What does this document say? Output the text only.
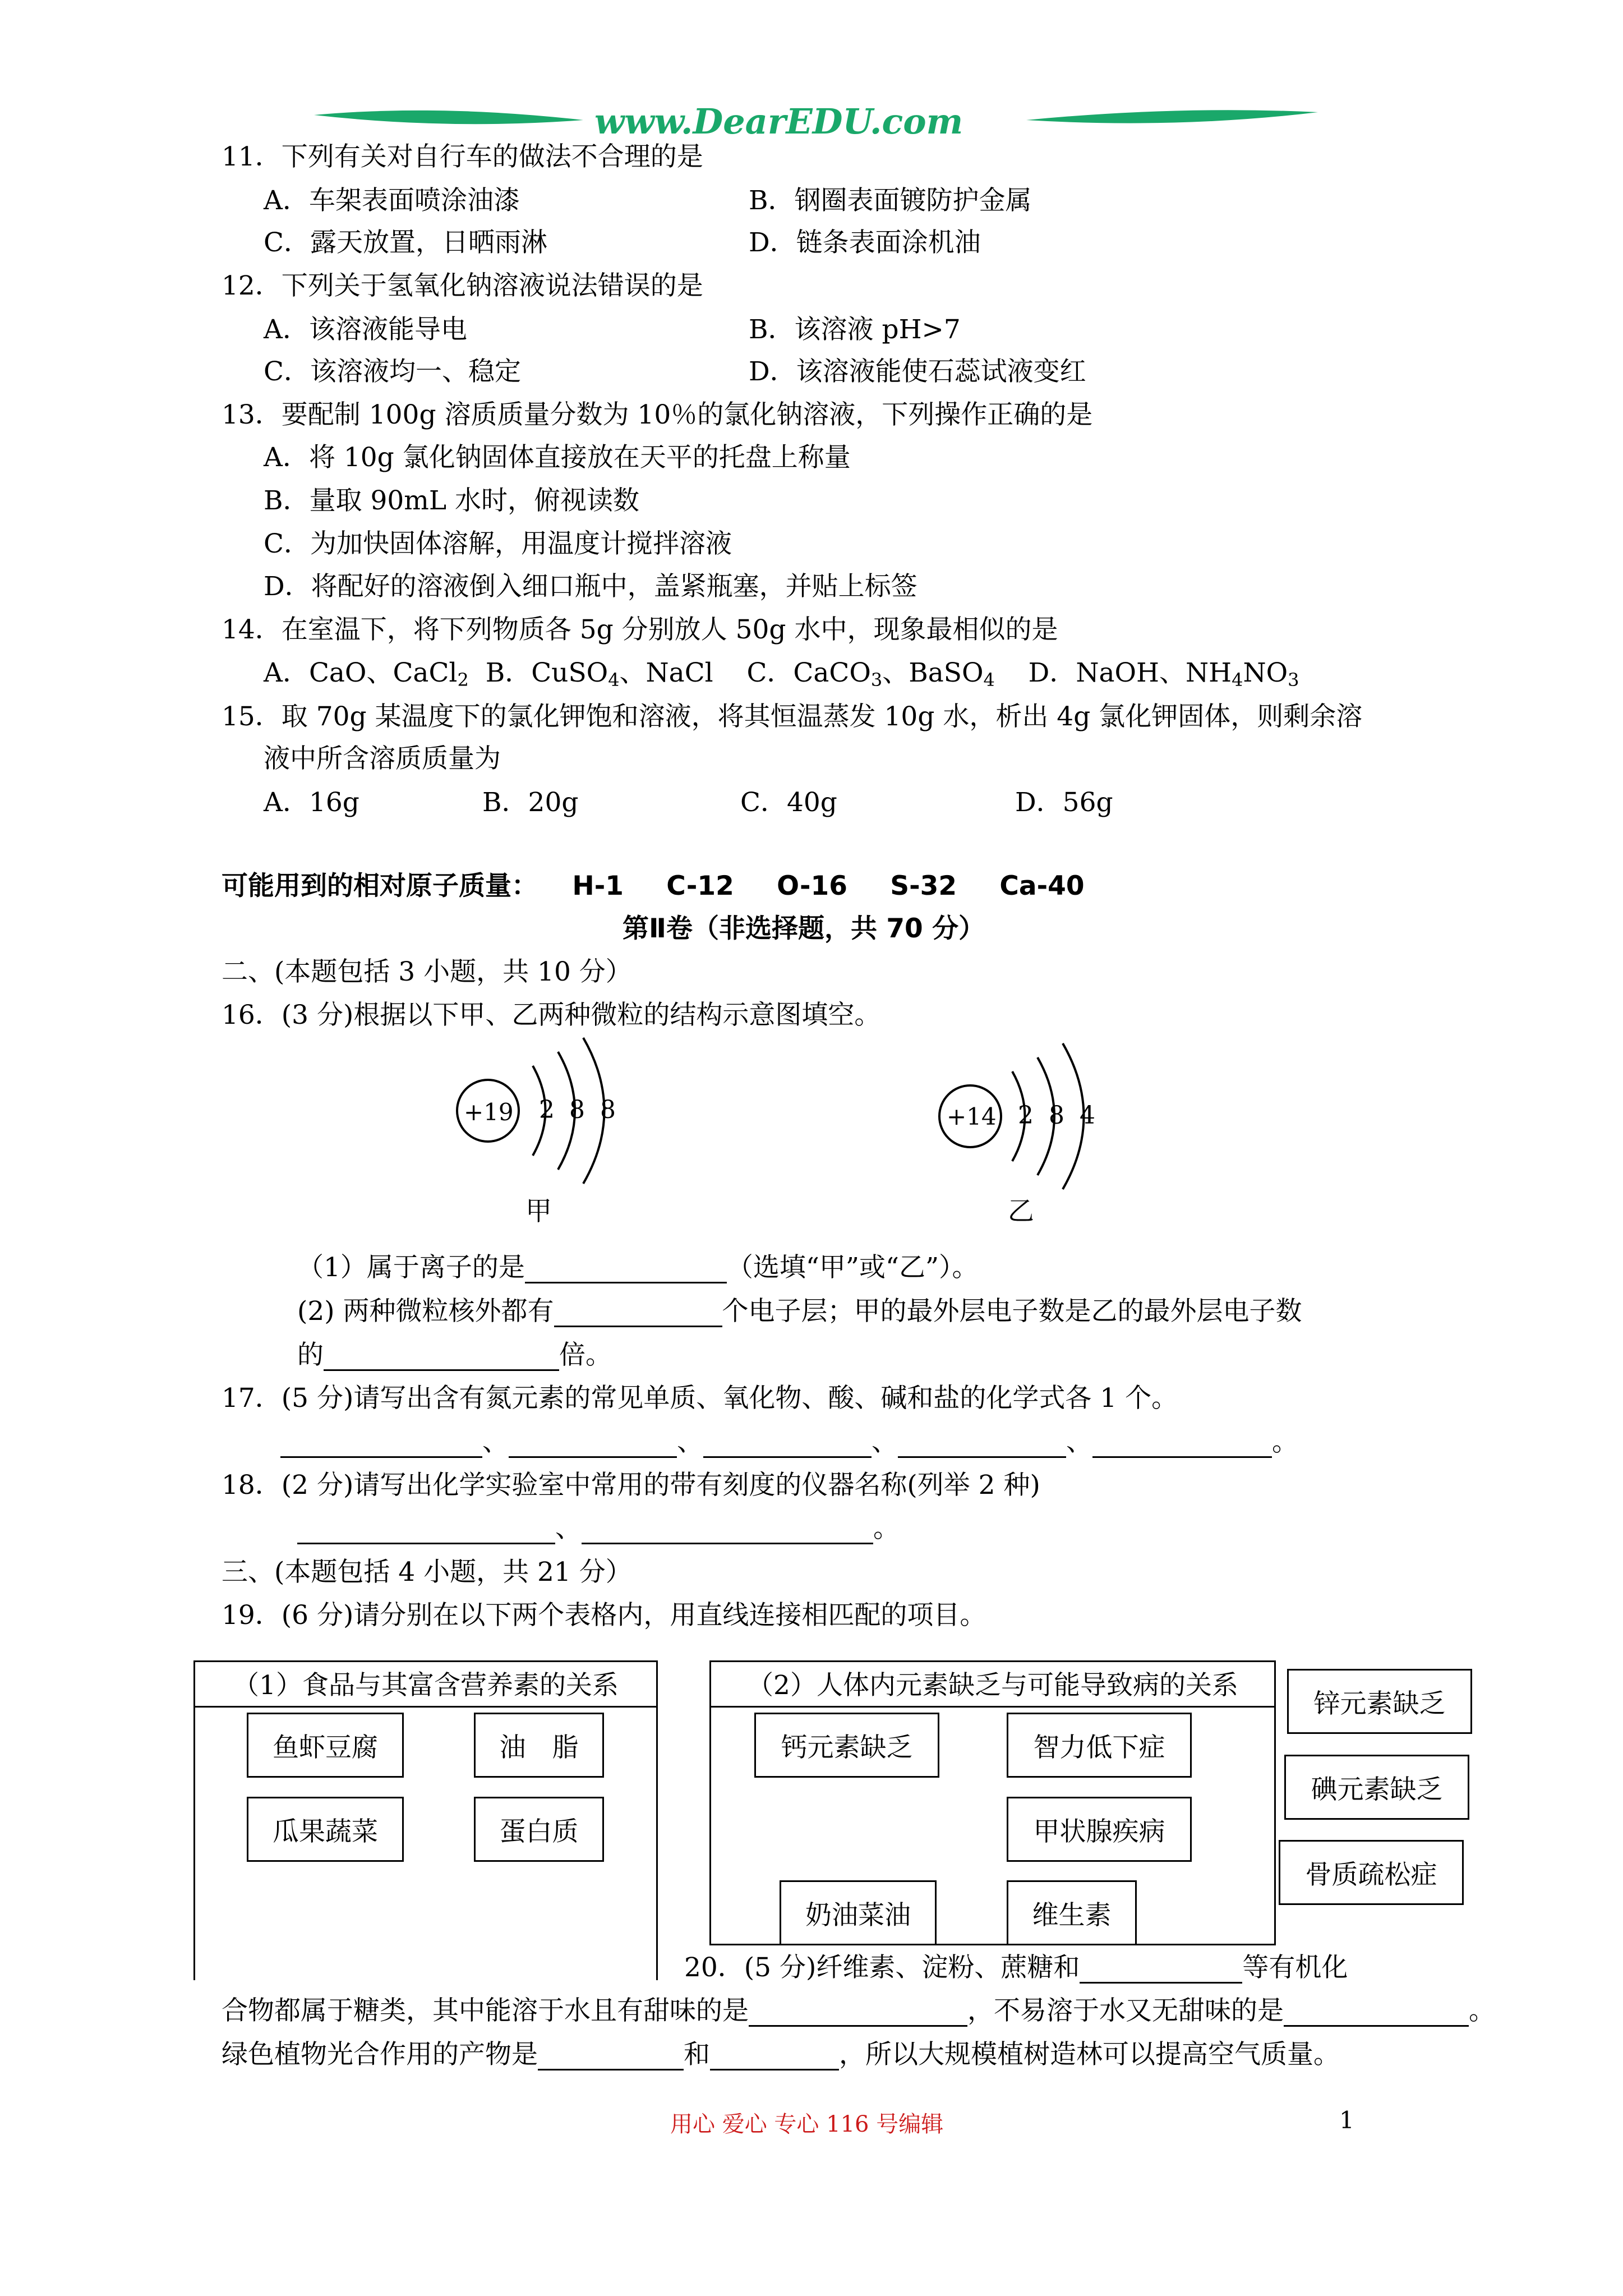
www.DearEDU.com
11．下列有关对自行车的做法不合理的是
A．车架表面喷涂油漆	B．钢圈表面镀防护金属
C．露天放置，日晒雨淋	D．链条表面涂机油
12．下列关于氢氧化钠溶液说法错误的是
A．该溶液能导电	B．该溶液 pH>7
C．该溶液均一、稳定	D．该溶液能使石蕊试液变红
13．要配制 100g 溶质质量分数为 10％的氯化钠溶液，下列操作正确的是
A．将 10g 氯化钠固体直接放在天平的托盘上称量
B．量取 90mL 水时，俯视读数
C．为加快固体溶解，用温度计搅拌溶液
D．将配好的溶液倒入细口瓶中，盖紧瓶塞，并贴上标签
14．在室温下，将下列物质各 5g 分别放人 50g 水中，现象最相似的是
A．CaO、CaCl$_2$ B．CuSO$_4$、NaCl C．CaCO$_3$、BaSO$_4$ D．NaOH、$NH_4NO_3$
15．取 70g 某温度下的氯化钾饱和溶液，将其恒温蒸发 10g 水，析出 4g 氯化钾固体，则剩余溶
液中所含溶质质量为
A．16g	B．20g	C．40g	D．56g
可能用到的相对原子质量： H-1 C-12 O-16 S-32 Ca-40
第Ⅱ卷（非选择题，共 70 分）
二、(本题包括 3 小题，共 10 分）
16．(3 分)根据以下甲、乙两种微粒的结构示意图填空。
+19 2 8 8
甲
+14 2 8 4
乙
（1）属于离子的是	（选填“甲”或“乙”）。
(2) 两种微粒核外都有	个电子层；甲的最外层电子数是乙的最外层电子数
的	倍。
17．(5 分)请写出含有氮元素的常见单质、氧化物、酸、碱和盐的化学式各 1 个。
、	、	、	、	。
18．(2 分)请写出化学实验室中常用的带有刻度的仪器名称(列举 2 种)
、	。
三、(本题包括 4 小题，共 21 分）
19．(6 分)请分别在以下两个表格内，用直线连接相匹配的项目。
（1）食品与其富含营养素的关系
鱼虾豆腐	油　脂
瓜果蔬菜	蛋白质
（2）人体内元素缺乏与可能导致病的关系
钙元素缺乏	智力低下症
甲状腺疾病
奶油菜油	维生素
锌元素缺乏
碘元素缺乏
骨质疏松症
20．(5 分)纤维素、淀粉、蔗糖和	等有机化
合物都属于糖类，其中能溶于水且有甜味的是	，不易溶于水又无甜味的是	。
绿色植物光合作用的产物是	和	，所以大规模植树造林可以提高空气质量。
用心 爱心 专心 116 号编辑	1
